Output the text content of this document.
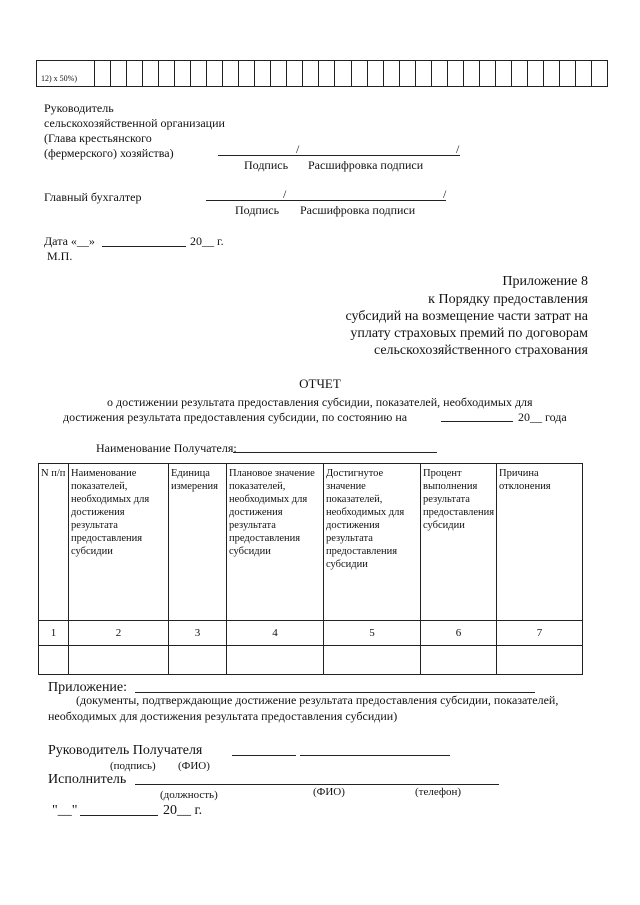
12) x 50%)
Руководитель
сельскохозяйственной организации
(Глава крестьянского
(фермерского) хозяйства)	/	/
Подпись Расшифровка подписи
Главный бухгалтер	/	/
Подпись Расшифровка подписи
Дата «__»	20__ г.
М.П.
Приложение 8
к Порядку предоставления
субсидий на возмещение части затрат на
уплату страховых премий по договорам
сельскохозяйственного страхования
ОТЧЕТ
о достижении результата предоставления субсидии, показателей, необходимых для
достижения результата предоставления субсидии, по состоянию на	20__ года
Наименование Получателя:
N п/п	Наименование показателей, необходимых для достижения результата предоставления субсидии	Единица измерения	Плановое значение показателей, необходимых для достижения результата предоставления субсидии	Достигнутое значение показателей, необходимых для достижения результата предоставления субсидии	Процент выполнения результата предоставления субсидии	Причина отклонения
1	2	3	4	5	6	7

Приложение:
(документы, подтверждающие достижение результата предоставления субсидии, показателей,
необходимых для достижения результата предоставления субсидии)
Руководитель Получателя
(подпись) (ФИО)
Исполнитель
(должность)	(ФИО)	(телефон)
"__"	20__ г.
